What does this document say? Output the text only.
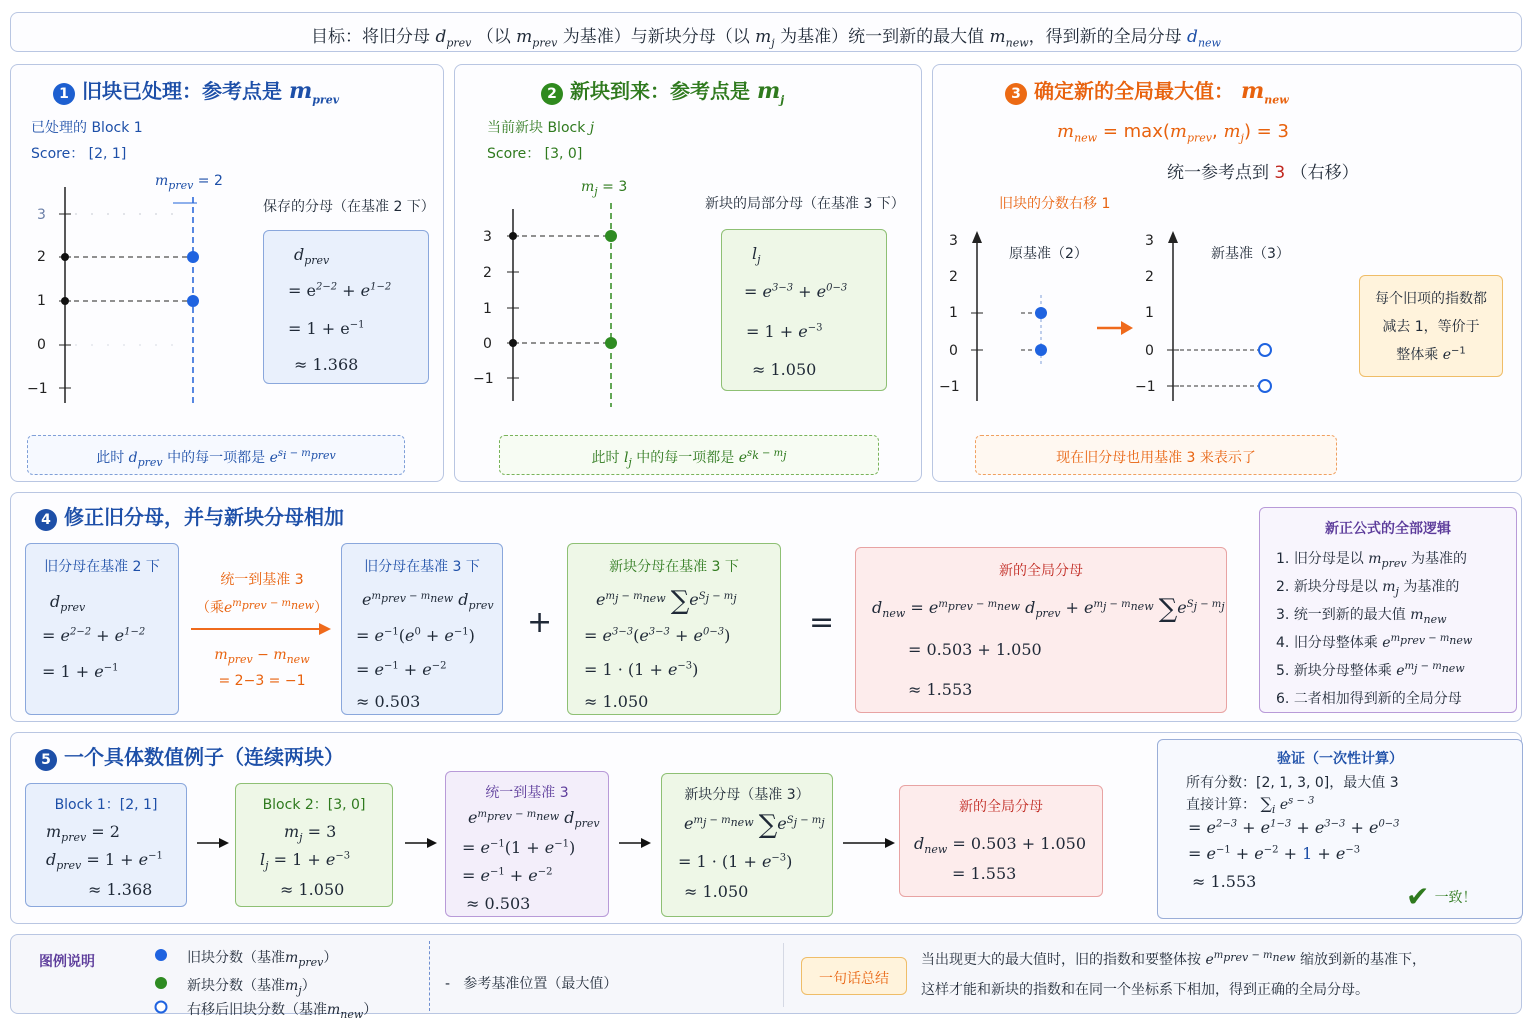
目标：将旧分母 $d_{prev}$ （以 $m_{prev}$ 为基准）与新块分母（以 $m_j$ 为基准）统一到新的最大值 $m_{new}$，得到新的全局分母 $d_{new}$
1 旧块已处理：参考点是 $m_{prev}$
已处理的 Block 1
Score： [2, 1]
$m_{prev} = 2$
3
2
1
0
−1
保存的分母（在基准 2 下）
$d_{prev}$
= $e^{2-2} + e^{1-2}$
= $1 + e^{-1}$
≈ 1.368
此时 $d_{prev}$ 中的每一项都是 $e^{s_i - m_{prev}}$
2 新块到来：参考点是 $m_j$
当前新块 Block j
Score： [3, 0]
$m_j = 3$
3
2
1
0
−1
新块的局部分母（在基准 3 下）
$l_j$
= $e^{3-3} + e^{0-3}$
= $1 + e^{-3}$
≈ 1.050
此时 $l_j$ 中的每一项都是 $e^{s_k - m_j}$
3 确定新的全局最大值： $m_{new}$
$m_{new} = \max(m_{prev}$, $m_j) = 3$
统一参考点到 3 （右移）
旧块的分数右移 1
3
2
1
0
−1
3
2
1
0
−1
原基准（2）	新基准（3）
每个旧项的指数都
减去 1，等价于
整体乘 $e^{-1}$
现在旧分母也用基准 3 来表示了
4 修正旧分母，并与新块分母相加
旧分母在基准 2 下
$d_{prev}$
= $e^{2-2} + e^{1-2}$
= $1 + e^{-1}$
统一到基准 3
（乘$e^{m_{prev} - m_{new}}$）
$m_{prev} - m_{new}$
= 2−3 = −1
旧分母在基准 3 下
$e^{m_{prev} - m_{new}}$ $d_{prev}$
= $e^{-1}(e^0 + e^{-1})$
= $e^{-1} + e^{-2}$
≈ 0.503
+
新块分母在基准 3 下
$e^{m_j - m_{new}}$ $\sum e^{S_j - m_j}$
= $e^{3-3}(e^{3-3} + e^{0-3})$
= $1 \cdot (1 + e^{-3})$
≈ 1.050
=
新的全局分母
$d_{new} = e^{m_{prev} - m_{new}}$ $d_{prev} + e^{m_j - m_{new}}$ $\sum e^{S_j - m_j}$
= 0.503 + 1.050
≈ 1.553
新正公式的全部逻辑
1. 旧分母是以 $m_{prev}$ 为基准的
2. 新块分母是以 $m_j$ 为基准的
3. 统一到新的最大值 $m_{new}$
4. 旧分母整体乘 $e^{m_{prev} - m_{new}}$
5. 新块分母整体乘 $e^{m_j - m_{new}}$
6. 二者相加得到新的全局分母
5 一个具体数值例子（连续两块）
Block 1：[2, 1]
$m_{prev} = 2$
$d_{prev} = 1 + e^{-1}$
≈ 1.368
Block 2：[3, 0]
$m_j = 3$
$l_j = 1 + e^{-3}$
≈ 1.050
统一到基准 3
$e^{m_{prev} - m_{new}}$ $d_{prev}$
= $e^{-1}(1 + e^{-1})$
= $e^{-1} + e^{-2}$
≈ 0.503
新块分母（基准 3）
$e^{m_j - m_{new}}$ $\sum e^{S_j - m_j}$
= $1 \cdot (1 + e^{-3})$
≈ 1.050
新的全局分母
$d_{new} = 0.503 + 1.050$
= 1.553
验证（一次性计算）
所有分数：[2, 1, 3, 0]，最大值 3
直接计算： $\sum_i$ $e^{s - 3}$
= $e^{2-3} + e^{1-3} + e^{3-3} + e^{0-3}$
= $e^{-1} + e^{-2} + 1 + e^{-3}$
≈ 1.553	✔ 一致！
图例说明	旧块分数（基准$m_{prev}$）
新块分数（基准$m_j$）
右移后旧块分数（基准$m_{new}$）
-   参考基准位置（最大值）	一句话总结
当出现更大的最大值时，旧的指数和要整体按 $e^{m_{prev} - m_{new}}$ 缩放到新的基准下，
这样才能和新块的指数和在同一个坐标系下相加，得到正确的全局分母。
